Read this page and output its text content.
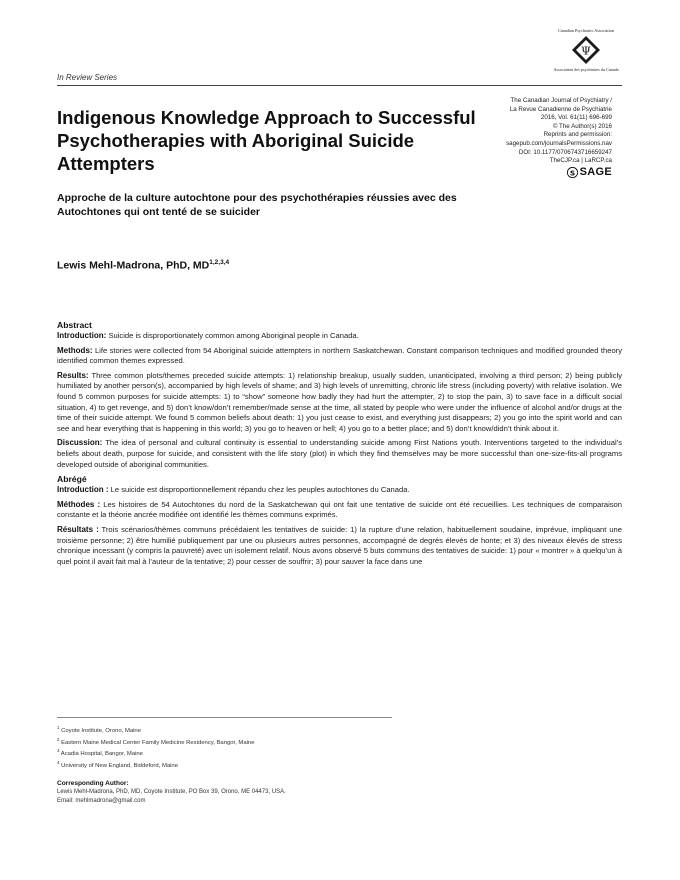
Canadian Psychiatric Association
Ψ
Association des psychiatres du Canada
In Review Series
Indigenous Knowledge Approach to Successful Psychotherapies with Aboriginal Suicide Attempters
The Canadian Journal of Psychiatry /
La Revue Canadienne de Psychiatrie
2016, Vol. 61(11) 696-699
© The Author(s) 2016
Reprints and permission:
sagepub.com/journalsPermissions.nav
DOI: 10.1177/0706743716659247
TheCJP.ca | LaRCP.ca
S SAGE
Approche de la culture autochtone pour des psychothérapies réussies avec des Autochtones qui ont tenté de se suicider
Lewis Mehl-Madrona, PhD, MD$^{1,2,3,4}$
Abstract

Introduction: Suicide is disproportionately common among Aboriginal people in Canada.

Methods: Life stories were collected from 54 Aboriginal suicide attempters in northern Saskatchewan. Constant comparison techniques and modified grounded theory identified common themes expressed.

Results: Three common plots/themes preceded suicide attempts: 1) relationship breakup, usually sudden, unanticipated, involving a third person; 2) being publicly humiliated by another person(s), accompanied by high levels of shame; and 3) high levels of unremitting, chronic life stress (including poverty) with relative isolation. We found 5 common purposes for suicide attempts: 1) to “show” someone how badly they had hurt the attempter, 2) to stop the pain, 3) to save face in a difficult social situation, 4) to get revenge, and 5) don’t know/don’t remember/made sense at the time, all stated by people who were under the influence of alcohol and/or drugs at the time of their suicide attempt. We found 5 common beliefs about death: 1) you just cease to exist, and everything just disappears; 2) you go into the spirit world and can see and hear everything that is happening in this world; 3) you go to heaven or hell; 4) you go to a better place; and 5) don’t know/didn’t think about it.

Discussion: The idea of personal and cultural continuity is essential to understanding suicide among First Nations youth. Interventions targeted to the individual’s beliefs about death, purpose for suicide, and consistent with the life story (plot) in which they find themselves may be more successful than one-size-fits-all programs developed outside of aboriginal communities.

Abrégé

Introduction : Le suicide est disproportionnellement répandu chez les peuples autochtones du Canada.

Méthodes : Les histoires de 54 Autochtones du nord de la Saskatchewan qui ont fait une tentative de suicide ont été recueillies. Les techniques de comparaison constante et la théorie ancrée modifiée ont identifié les thèmes communs exprimés.

Résultats : Trois scénarios/thèmes communs précédaient les tentatives de suicide: 1) la rupture d’une relation, habituellement soudaine, imprévue, impliquant une troisième personne; 2) être humilié publiquement par une ou plusieurs autres personnes, accompagné de degrés élevés de honte; et 3) des niveaux élevés de stress chronique incessant (y compris la pauvreté) avec un isolement relatif. Nous avons observé 5 buts communs des tentatives de suicide: 1) pour « montrer » à quelqu’un à quel point il avait fait mal à l’auteur de la tentative; 2) pour cesser de souffrir; 3) pour sauver la face dans une

$^1$ Coyote Institute, Orono, Maine
$^2$ Eastern Maine Medical Center Family Medicine Residency, Bangor, Maine
$^3$ Acadia Hospital, Bangor, Maine
$^4$ University of New England, Biddeford, Maine
Corresponding Author:
Lewis Mehl-Madrona, PhD, MD, Coyote Institute, PO Box 39, Orono, ME 04473, USA.
Email: mehlmadrona@gmail.com
